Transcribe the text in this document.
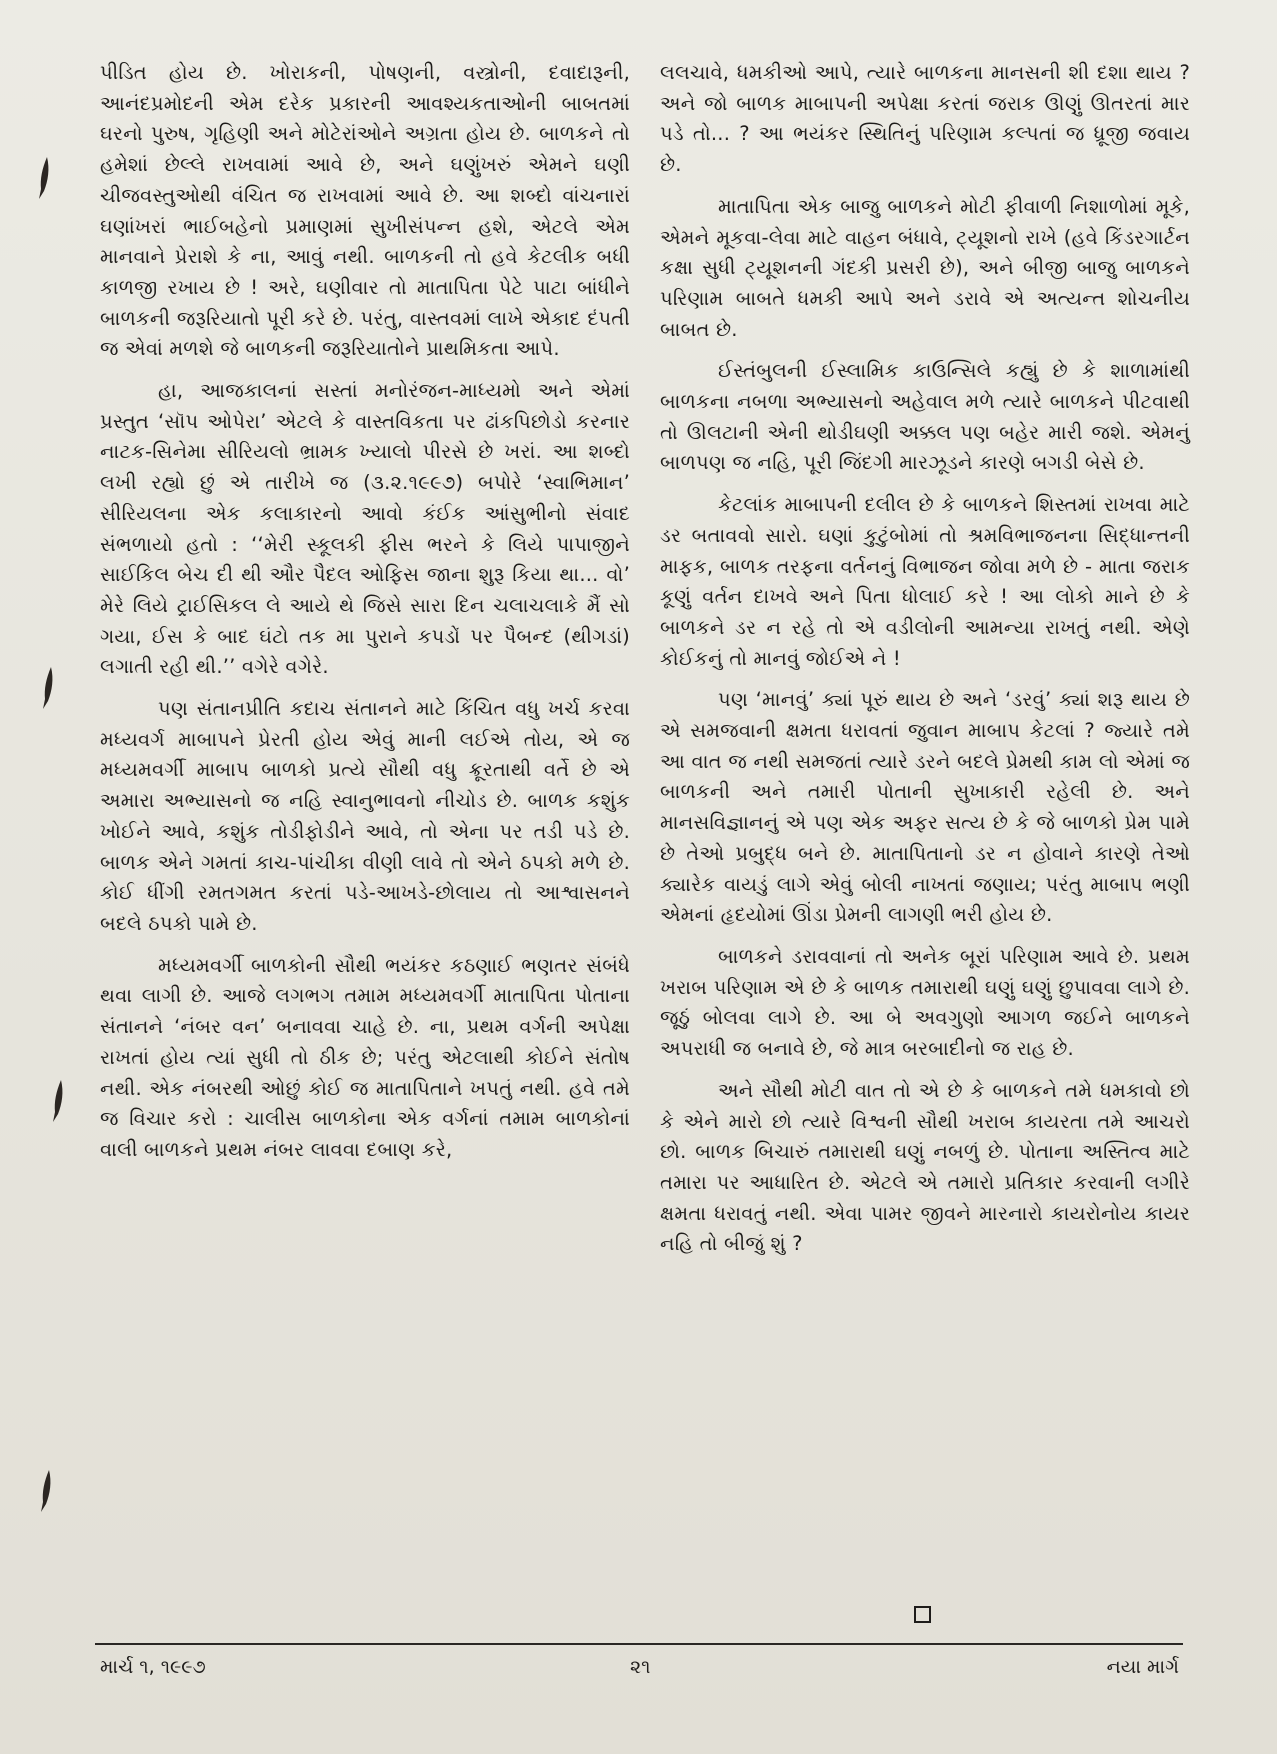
પીડિત હોય છે. ખોરાકની, પોષણની, વસ્ત્રોની, દવાદારૂની, આનંદપ્રમોદની એમ દરેક પ્રકારની આવશ્યકતાઓની બાબતમાં ઘરનો પુરુષ, ગૃહિણી અને મોટેરાંઓને અગ્રતા હોય છે. બાળકને તો હમેશાં છેલ્લે રાખવામાં આવે છે, અને ઘણુંખરું એમને ઘણી ચીજવસ્તુઓથી વંચિત જ રાખવામાં આવે છે. આ શબ્દો વાંચનારાં ઘણાંખરાં ભાઈબહેનો પ્રમાણમાં સુખીસંપન્ન હશે, એટલે એમ માનવાને પ્રેરાશે કે ના, આવું નથી. બાળકની તો હવે કેટલીક બધી કાળજી રખાય છે ! અરે, ઘણીવાર તો માતાપિતા પેટે પાટા બાંધીને બાળકની જરૂરિયાતો પૂરી કરે છે. પરંતુ, વાસ્તવમાં લાખે એકાદ દંપતી જ એવાં મળશે જે બાળકની જરૂરિયાતોને પ્રાથમિકતા આપે.

હા, આજકાલનાં સસ્તાં મનોરંજન-માધ્યમો અને એમાં પ્રસ્તુત ‘સૉપ ઓપેરા’ એટલે કે વાસ્તવિકતા પર ઢાંકપિછોડો કરનાર નાટક-સિનેમા સીરિયલો ભ્રામક ખ્યાલો પીરસે છે ખરાં. આ શબ્દો લખી રહ્યો છું એ તારીખે જ (૩.૨.૧૯૯૭) બપોરે ‘સ્વાભિમાન’ સીરિયલના એક કલાકારનો આવો કંઈક આંસુભીનો સંવાદ સંભળાયો હતો : ‘‘મેરી સ્કૂલકી ફીસ ભરને કે લિયે પાપાજીને સાઈકિલ બેચ દી થી ઔર પૈદલ ઓફિસ જાના શુરૂ કિયા થા... વો’ મેરે લિયે ટ્રાઈસિકલ લે આયે થે જિસે સારા દિન ચલાચલાકે મૈં સો ગયા, ઈસ કે બાદ ઘંટો તક મા પુરાને કપડોં પર પૈબન્દ (થીગડાં) લગાતી રહી થી.’’ વગેરે વગેરે.

પણ સંતાનપ્રીતિ કદાચ સંતાનને માટે કિંચિત વધુ ખર્ચ કરવા મધ્યવર્ગ માબાપને પ્રેરતી હોય એવું માની લઈએ તોય, એ જ મધ્યમવર્ગી માબાપ બાળકો પ્રત્યે સૌથી વધુ ક્રૂરતાથી વર્તે છે એ અમારા અભ્યાસનો જ નહિ સ્વાનુભાવનો નીચોડ છે. બાળક કશુંક ખોઈને આવે, કશુંક તોડીફોડીને આવે, તો એના પર તડી પડે છે. બાળક એને ગમતાં કાચ-પાંચીકા વીણી લાવે તો એને ઠપકો મળે છે. કોઈ ધીંગી રમતગમત કરતાં પડે-આખડે-છોલાય તો આશ્વાસનને બદલે ઠપકો પામે છે.

મધ્યમવર્ગી બાળકોની સૌથી ભયંકર કઠણાઈ ભણતર સંબંધે થવા લાગી છે. આજે લગભગ તમામ મધ્યમવર્ગી માતાપિતા પોતાના સંતાનને ‘નંબર વન’ બનાવવા ચાહે છે. ના, પ્રથમ વર્ગની અપેક્ષા રાખતાં હોય ત્યાં સુધી તો ઠીક છે; પરંતુ એટલાથી કોઈને સંતોષ નથી. એક નંબરથી ઓછું કોઈ જ માતાપિતાને ખપતું નથી. હવે તમે જ વિચાર કરો : ચાલીસ બાળકોના એક વર્ગનાં તમામ બાળકોનાં વાલી બાળકને પ્રથમ નંબર લાવવા દબાણ કરે,

લલચાવે, ધમકીઓ આપે, ત્યારે બાળકના માનસની શી દશા થાય ? અને જો બાળક માબાપની અપેક્ષા કરતાં જરાક ઊણું ઊતરતાં માર પડે તો... ? આ ભયંકર સ્થિતિનું પરિણામ કલ્પતાં જ ધ્રૂજી જવાય છે.

માતાપિતા એક બાજુ બાળકને મોટી ફીવાળી નિશાળોમાં મૂકે, એમને મૂકવા-લેવા માટે વાહન બંધાવે, ટ્યૂશનો રાખે (હવે કિંડરગાર્ટન કક્ષા સુધી ટ્યૂશનની ગંદકી પ્રસરી છે), અને બીજી બાજુ બાળકને પરિણામ બાબતે ધમકી આપે અને ડરાવે એ અત્યન્ત શોચનીય બાબત છે.

ઈસ્તંબુલની ઈસ્લામિક કાઉન્સિલે કહ્યું છે કે શાળામાંથી બાળકના નબળા અભ્યાસનો અહેવાલ મળે ત્યારે બાળકને પીટવાથી તો ઊલટાની એની થોડીઘણી અક્કલ પણ બહેર મારી જશે. એમનું બાળપણ જ નહિ, પૂરી જિંદગી મારઝૂડને કારણે બગડી બેસે છે.

કેટલાંક માબાપની દલીલ છે કે બાળકને શિસ્તમાં રાખવા માટે ડર બતાવવો સારો. ઘણાં કુટુંબોમાં તો શ્રમવિભાજનના સિદ્ધાન્તની માફક, બાળક તરફના વર્તનનું વિભાજન જોવા મળે છે - માતા જરાક કૂણું વર્તન દાખવે અને પિતા ધોલાઈ કરે ! આ લોકો માને છે કે બાળકને ડર ન રહે તો એ વડીલોની આમન્યા રાખતું નથી. એણે કોઈકનું તો માનવું જોઈએ ને !

પણ ‘માનવું’ ક્યાં પૂરું થાય છે અને ‘ડરવું’ ક્યાં શરૂ થાય છે એ સમજવાની ક્ષમતા ધરાવતાં જુવાન માબાપ કેટલાં ? જ્યારે તમે આ વાત જ નથી સમજતાં ત્યારે ડરને બદલે પ્રેમથી કામ લો એમાં જ બાળકની અને તમારી પોતાની સુખાકારી રહેલી છે. અને માનસવિજ્ઞાનનું એ પણ એક અફર સત્ય છે કે જે બાળકો પ્રેમ પામે છે તેઓ પ્રબુદ્ધ બને છે. માતાપિતાનો ડર ન હોવાને કારણે તેઓ ક્યારેક વાયડું લાગે એવું બોલી નાખતાં જણાય; પરંતુ માબાપ ભણી એમનાં હૃદયોમાં ઊંડા પ્રેમની લાગણી ભરી હોય છે.

બાળકને ડરાવવાનાં તો અનેક બૂરાં પરિણામ આવે છે. પ્રથમ ખરાબ પરિણામ એ છે કે બાળક તમારાથી ઘણું ઘણું છુપાવવા લાગે છે. જૂઠું બોલવા લાગે છે. આ બે અવગુણો આગળ જઈને બાળકને અપરાધી જ બનાવે છે, જે માત્ર બરબાદીનો જ રાહ છે.

અને સૌથી મોટી વાત તો એ છે કે બાળકને તમે ધમકાવો છો કે એને મારો છો ત્યારે વિશ્વની સૌથી ખરાબ કાયરતા તમે આચરો છો. બાળક બિચારું તમારાથી ઘણું નબળું છે. પોતાના અસ્તિત્વ માટે તમારા પર આધારિત છે. એટલે એ તમારો પ્રતિકાર કરવાની લગીરે ક્ષમતા ધરાવતું નથી. એવા પામર જીવને મારનારો કાયરોનોય કાયર નહિ તો બીજું શું ?

માર્ચ ૧, ૧૯૯૭	૨૧	નયા માર્ગ
